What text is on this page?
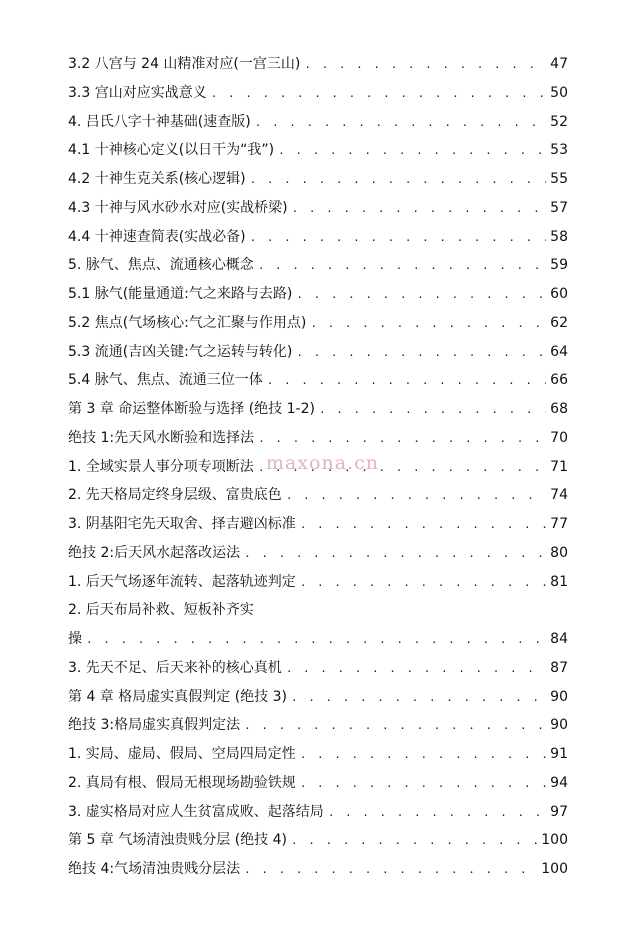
3.2 八宫与 24 山精准对应(一宫三山) . . .	47
3.3 宫山对应实战意义 . . .	50
4. 吕氏八字十神基础(速查版) . . .	52
4.1 十神核心定义(以日干为“我”) . . .	53
4.2 十神生克关系(核心逻辑) . . .	55
4.3 十神与风水砂水对应(实战桥梁) . . .	57
4.4 十神速查简表(实战必备) . . .	58
5. 脉气、焦点、流通核心概念 . . .	59
5.1 脉气(能量通道:气之来路与去路) . . .	60
5.2 焦点(气场核心:气之汇聚与作用点) . . .	62
5.3 流通(吉凶关键:气之运转与转化) . . .	64
5.4 脉气、焦点、流通三位一体 . . .	66
第 3 章 命运整体断验与选择 (绝技 1-2) . . .	68
绝技 1:先天风水断验和选择法 . . .	70
1. 全域实景人事分项专项断法 . . .	71
2. 先天格局定终身层级、富贵底色 . . .	74
3. 阴基阳宅先天取舍、择吉避凶标准 . . .	77
绝技 2:后天风水起落改运法 . . .	80
1. 后天气场逐年流转、起落轨迹判定 . . .	81
2. 后天布局补救、短板补齐实
操 . . .	84
3. 先天不足、后天来补的核心真机 . . .	87
第 4 章 格局虚实真假判定 (绝技 3) . . .	90
绝技 3:格局虚实真假判定法 . . .	90
1. 实局、虚局、假局、空局四局定性 . . .	91
2. 真局有根、假局无根现场勘验铁规 . . .	94
3. 虚实格局对应人生贫富成败、起落结局 . . .	97
第 5 章 气场清浊贵贱分层 (绝技 4) . . .	100
绝技 4:气场清浊贵贱分层法 . . .	100
maxona.cn
